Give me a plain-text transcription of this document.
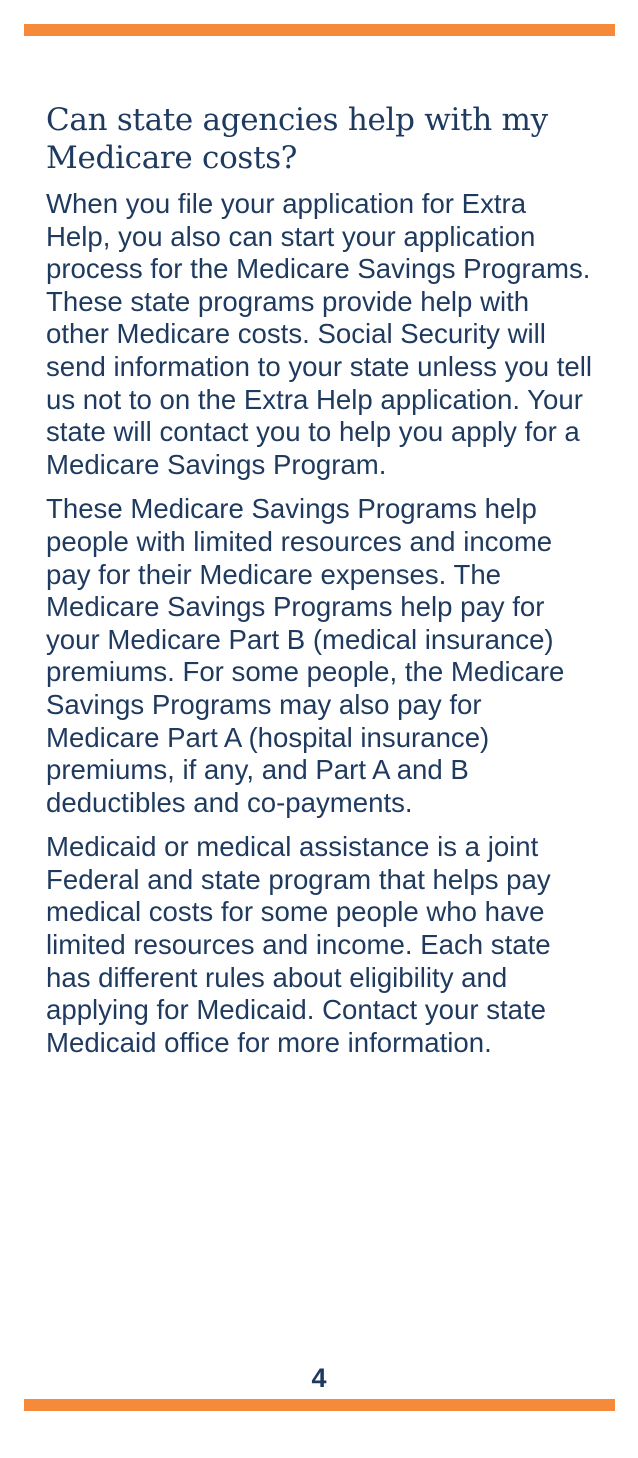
Can state agencies help with my Medicare costs?

When you file your application for Extra Help, you also can start your application process for the Medicare Savings Programs. These state programs provide help with other Medicare costs. Social Security will send information to your state unless you tell us not to on the Extra Help application. Your state will contact you to help you apply for a Medicare Savings Program.

These Medicare Savings Programs help people with limited resources and income pay for their Medicare expenses. The Medicare Savings Programs help pay for your Medicare Part B (medical insurance) premiums. For some people, the Medicare Savings Programs may also pay for Medicare Part A (hospital insurance) premiums, if any, and Part A and B deductibles and co-payments.

Medicaid or medical assistance is a joint Federal and state program that helps pay medical costs for some people who have limited resources and income. Each state has different rules about eligibility and applying for Medicaid. Contact your state Medicaid office for more information.

4
